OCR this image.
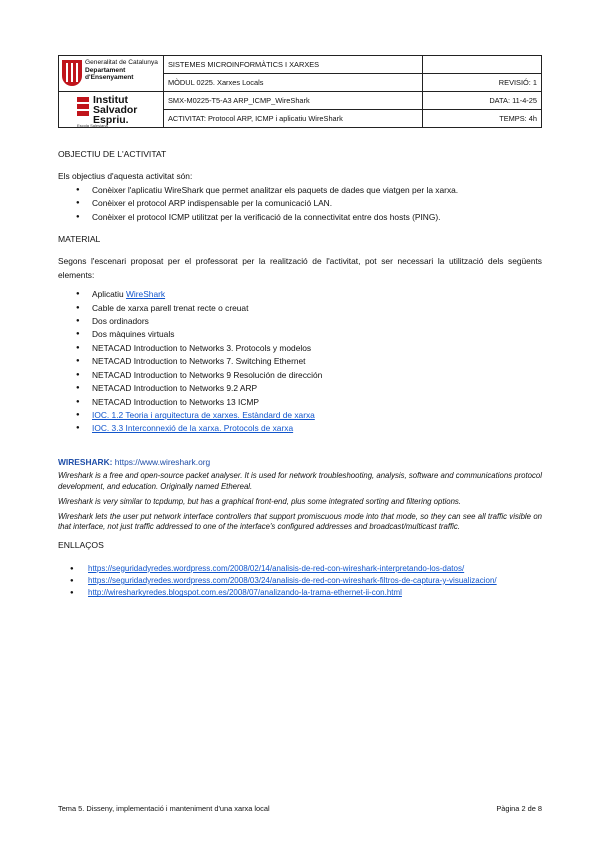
Generalitat de Catalunya
Departament
d'Ensenyament	SISTEMES MICROINFORMÀTICS I XARXES	
	MÒDUL 0225. Xarxes Locals	REVISIÓ: 1

Institut
Salvador
Espriu.
Escola Salesiana	SMX-M0225-T5-A3 ARP_ICMP_WireShark	DATA: 11-4-25
	ACTIVITAT: Protocol ARP, ICMP i aplicatiu WireShark	TEMPS: 4h

OBJECTIU DE L'ACTIVITAT

Els objectius d'aquesta activitat són:

● Conèixer l'aplicatiu WireShark que permet analitzar els paquets de dades que viatgen per la xarxa.
● Conèixer el protocol ARP indispensable per la comunicació LAN.
● Conèixer el protocol ICMP utilitzat per la verificació de la connectivitat entre dos hosts (PING).

MATERIAL

Segons l'escenari proposat per el professorat per la realització de l'activitat, pot ser necessari la utilització dels següents elements:

● Aplicatiu WireShark
● Cable de xarxa parell trenat recte o creuat
● Dos ordinadors
● Dos màquines virtuals
● NETACAD Introduction to Networks 3. Protocols y modelos
● NETACAD Introduction to Networks 7. Switching Ethernet
● NETACAD Introduction to Networks 9 Resolución de dirección
● NETACAD Introduction to Networks 9.2 ARP
● NETACAD Introduction to Networks 13 ICMP
● IOC. 1.2 Teoria i arquitectura de xarxes. Estàndard de xarxa
● IOC. 3.3 Interconnexió de la xarxa. Protocols de xarxa

WIRESHARK: https://www.wireshark.org

Wireshark is a free and open-source packet analyser. It is used for network troubleshooting, analysis, software and communications protocol development, and education. Originally named Ethereal.

Wireshark is very similar to tcpdump, but has a graphical front-end, plus some integrated sorting and filtering options.

Wireshark lets the user put network interface controllers that support promiscuous mode into that mode, so they can see all traffic visible on that interface, not just traffic addressed to one of the interface's configured addresses and broadcast/multicast traffic.

ENLLAÇOS

● https://seguridadyredes.wordpress.com/2008/02/14/analisis-de-red-con-wireshark-interpretando-los-datos/
● https://seguridadyredes.wordpress.com/2008/03/24/analisis-de-red-con-wireshark-filtros-de-captura-y-visualizacion/
● http://wiresharkyredes.blogspot.com.es/2008/07/analizando-la-trama-ethernet-ii-con.html
Tema 5. Disseny, implementació i manteniment d'una xarxa local	Pàgina 2 de 8
